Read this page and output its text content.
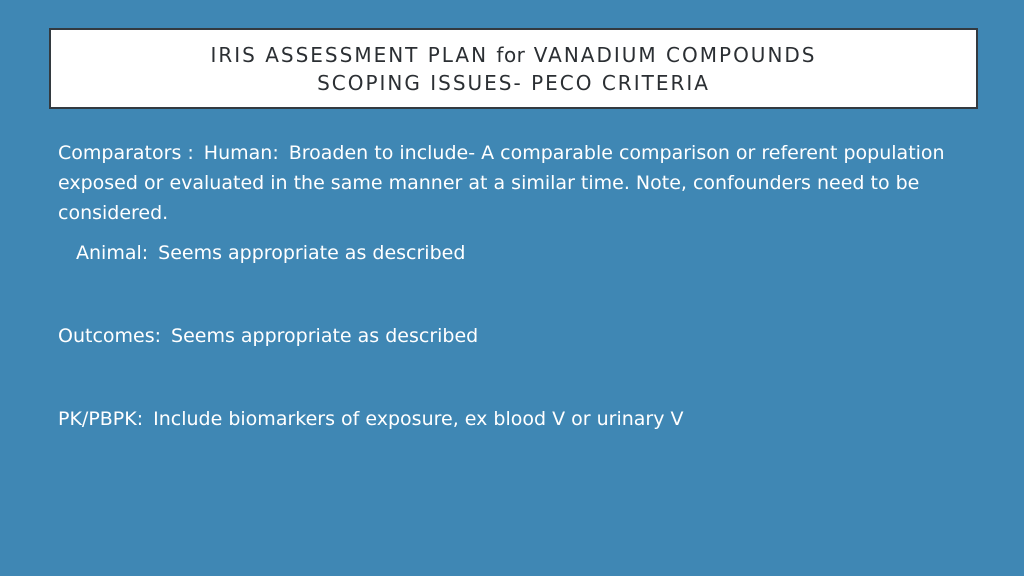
IRIS ASSESSMENT PLAN for VANADIUM COMPOUNDS
SCOPING ISSUES- PECO CRITERIA

Comparators : Human: Broaden to include- A comparable comparison or referent population exposed or evaluated in the same manner at a similar time. Note, confounders need to be considered.

Animal: Seems appropriate as described

Outcomes: Seems appropriate as described

PK/PBPK: Include biomarkers of exposure, ex blood V or urinary V
